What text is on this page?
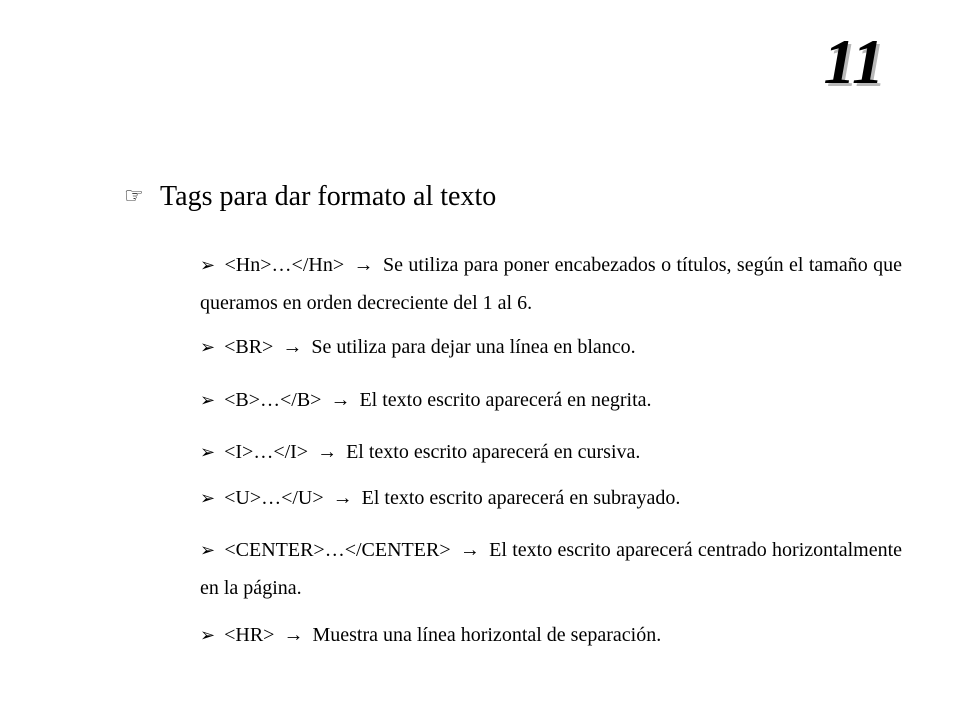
11
☞ Tags para dar formato al texto
➢ <Hn>…</Hn> → Se utiliza para poner encabezados o títulos, según el tamaño que queramos en orden decreciente del 1 al 6.
➢ <BR> → Se utiliza para dejar una línea en blanco.
➢ <B>…</B> → El texto escrito aparecerá en negrita.
➢ <I>…</I> → El texto escrito aparecerá en cursiva.
➢ <U>…</U> → El texto escrito aparecerá en subrayado.
➢ <CENTER>…</CENTER> → El texto escrito aparecerá centrado horizontalmente en la página.
➢ <HR> → Muestra una línea horizontal de separación.
